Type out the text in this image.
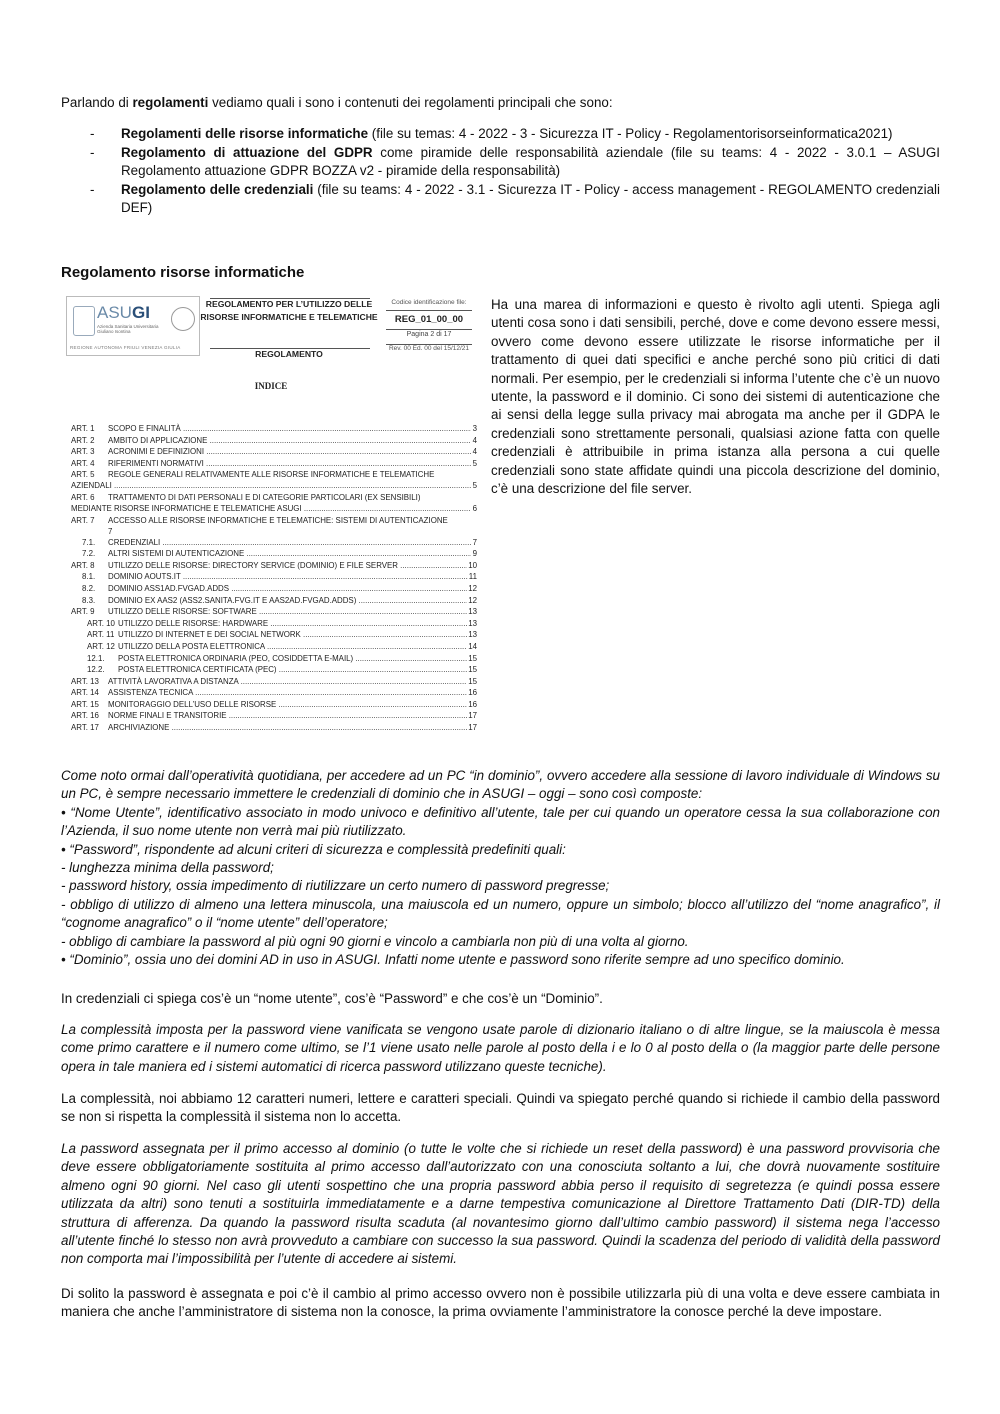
Parlando di regolamenti vediamo quali i sono i contenuti dei regolamenti principali che sono:

- Regolamenti delle risorse informatiche (file su temas: 4 - 2022 - 3 - Sicurezza IT - Policy - Regolamentorisorseinformatica2021)
- Regolamento di attuazione del GDPR come piramide delle responsabilità aziendale (file su teams: 4 - 2022 - 3.0.1 – ASUGI Regolamento attuazione GDPR BOZZA v2 - piramide della responsabilità)
- Regolamento delle credenziali (file su teams: 4 - 2022 - 3.1 - Sicurezza IT - Policy - access management - REGOLAMENTO credenziali DEF)
Regolamento risorse informatiche
ASUGI
Azienda Sanitaria Universitaria Giuliano Isontina
REGIONE AUTONOMA FRIULI VENEZIA GIULIA
REGOLAMENTO PER L’UTILIZZO DELLE RISORSE INFORMATICHE E TELEMATICHE
REGOLAMENTO
Codice identificazione file:
REG_01_00_00
Pagina 2 di 17
Rev. 00 Ed. 00 del 15/12/21
INDICE
ART. 1 SCOPO E FINALITÀ .....	3
ART. 2 AMBITO DI APPLICAZIONE .....	4
ART. 3 ACRONIMI E DEFINIZIONI .....	4
ART. 4 RIFERIMENTI NORMATIVI .....	5
ART. 5 REGOLE GENERALI RELATIVAMENTE ALLE RISORSE INFORMATICHE E TELEMATICHE
AZIENDALI .....	5
ART. 6 TRATTAMENTO DI DATI PERSONALI E DI CATEGORIE PARTICOLARI (EX SENSIBILI)
MEDIANTE RISORSE INFORMATICHE E TELEMATICHE ASUGI .....	6
ART. 7 ACCESSO ALLE RISORSE INFORMATICHE E TELEMATICHE: SISTEMI DI AUTENTICAZIONE
7
7.1. CREDENZIALI .....	7
7.2. ALTRI SISTEMI DI AUTENTICAZIONE .....	9
ART. 8 UTILIZZO DELLE RISORSE: DIRECTORY SERVICE (DOMINIO) E FILE SERVER .....	10
8.1. DOMINIO AOUTS.IT .....	11
8.2. DOMINIO ASS1AD.FVGAD.ADDS .....	12
8.3. DOMINIO EX AAS2 (ASS2.SANITA.FVG.IT E AAS2AD.FVGAD.ADDS) .....	12
ART. 9 UTILIZZO DELLE RISORSE: SOFTWARE .....	13
ART. 10 UTILIZZO DELLE RISORSE: HARDWARE .....	13
ART. 11 UTILIZZO DI INTERNET E DEI SOCIAL NETWORK .....	13
ART. 12 UTILIZZO DELLA POSTA ELETTRONICA .....	14
12.1. POSTA ELETTRONICA ORDINARIA (PEO, COSIDDETTA E-MAIL) .....	15
12.2. POSTA ELETTRONICA CERTIFICATA (PEC) .....	15
ART. 13 ATTIVITÀ LAVORATIVA A DISTANZA .....	15
ART. 14 ASSISTENZA TECNICA .....	16
ART. 15 MONITORAGGIO DELL’USO DELLE RISORSE .....	16
ART. 16 NORME FINALI E TRANSITORIE .....	17
ART. 17 ARCHIVIAZIONE .....	17

Ha una marea di informazioni e questo è rivolto agli utenti. Spiega agli utenti cosa sono i dati sensibili, perché, dove e come devono essere messi, ovvero come devono essere utilizzate le risorse informatiche per il trattamento di quei dati specifici e anche perché sono più critici di dati normali. Per esempio, per le credenziali si informa l’utente che c’è un nuovo utente, la password e il dominio. Ci sono dei sistemi di autenticazione che ai sensi della legge sulla privacy mai abrogata ma anche per il GDPA le credenziali sono strettamente personali, qualsiasi azione fatta con quelle credenziali è attribuibile in prima istanza alla persona a cui quelle credenziali sono state affidate quindi una piccola descrizione del dominio, c’è una descrizione del file server.

Come noto ormai dall’operatività quotidiana, per accedere ad un PC “in dominio”, ovvero accedere alla sessione di lavoro individuale di Windows su un PC, è sempre necessario immettere le credenziali di dominio che in ASUGI – oggi – sono così composte:

• “Nome Utente”, identificativo associato in modo univoco e definitivo all’utente, tale per cui quando un operatore cessa la sua collaborazione con l’Azienda, il suo nome utente non verrà mai più riutilizzato.

• “Password”, rispondente ad alcuni criteri di sicurezza e complessità predefiniti quali:

- lunghezza minima della password;

- password history, ossia impedimento di riutilizzare un certo numero di password pregresse;

- obbligo di utilizzo di almeno una lettera minuscola, una maiuscola ed un numero, oppure un simbolo; blocco all’utilizzo del “nome anagrafico”, il “cognome anagrafico” o il “nome utente” dell’operatore;

- obbligo di cambiare la password al più ogni 90 giorni e vincolo a cambiarla non più di una volta al giorno.

• “Dominio”, ossia uno dei domini AD in uso in ASUGI. Infatti nome utente e password sono riferite sempre ad uno specifico dominio.

In credenziali ci spiega cos’è un “nome utente”, cos’è “Password” e che cos’è un “Dominio”.

La complessità imposta per la password viene vanificata se vengono usate parole di dizionario italiano o di altre lingue, se la maiuscola è messa come primo carattere e il numero come ultimo, se l’1 viene usato nelle parole al posto della i e lo 0 al posto della o (la maggior parte delle persone opera in tale maniera ed i sistemi automatici di ricerca password utilizzano queste tecniche).

La complessità, noi abbiamo 12 caratteri numeri, lettere e caratteri speciali. Quindi va spiegato perché quando si richiede il cambio della password se non si rispetta la complessità il sistema non lo accetta.

La password assegnata per il primo accesso al dominio (o tutte le volte che si richiede un reset della password) è una password provvisoria che deve essere obbligatoriamente sostituita al primo accesso dall’autorizzato con una conosciuta soltanto a lui, che dovrà nuovamente sostituire almeno ogni 90 giorni. Nel caso gli utenti sospettino che una propria password abbia perso il requisito di segretezza (e quindi possa essere utilizzata da altri) sono tenuti a sostituirla immediatamente e a darne tempestiva comunicazione al Direttore Trattamento Dati (DIR-TD) della struttura di afferenza. Da quando la password risulta scaduta (al novantesimo giorno dall’ultimo cambio password) il sistema nega l’accesso all’utente finché lo stesso non avrà provveduto a cambiare con successo la sua password. Quindi la scadenza del periodo di validità della password non comporta mai l’impossibilità per l’utente di accedere ai sistemi.

Di solito la password è assegnata e poi c’è il cambio al primo accesso ovvero non è possibile utilizzarla più di una volta e deve essere cambiata in maniera che anche l’amministratore di sistema non la conosce, la prima ovviamente l’amministratore la conosce perché la deve impostare.
